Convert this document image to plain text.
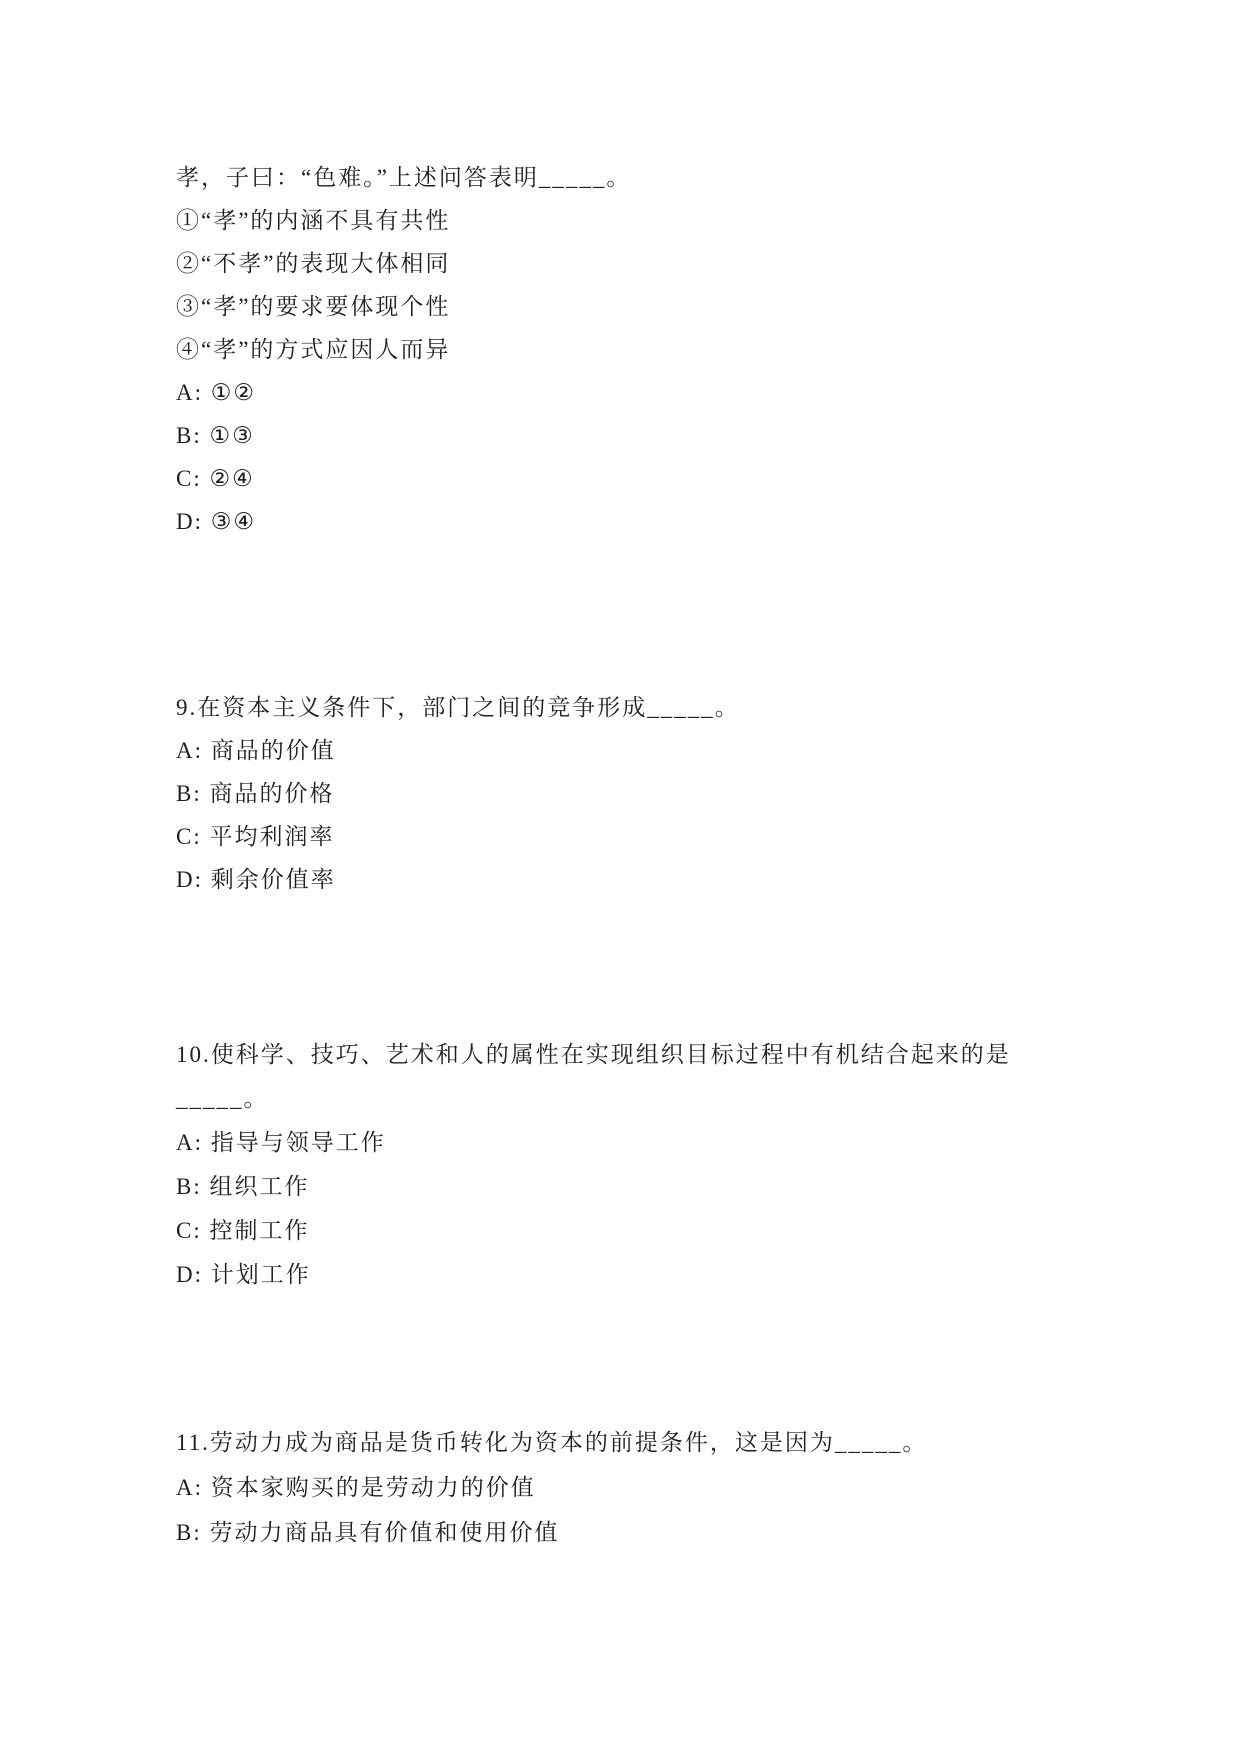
孝，子曰：“色难。”上述问答表明_____。

①“孝”的内涵不具有共性

②“不孝”的表现大体相同

③“孝”的要求要体现个性

④“孝”的方式应因人而异

A: ①②

B: ①③

C: ②④

D: ③④

9.在资本主义条件下，部门之间的竞争形成_____。

A: 商品的价值

B: 商品的价格

C: 平均利润率

D: 剩余价值率

10.使科学、技巧、艺术和人的属性在实现组织目标过程中有机结合起来的是

_____。

A: 指导与领导工作

B: 组织工作

C: 控制工作

D: 计划工作

11.劳动力成为商品是货币转化为资本的前提条件，这是因为_____。

A: 资本家购买的是劳动力的价值

B: 劳动力商品具有价值和使用价值
